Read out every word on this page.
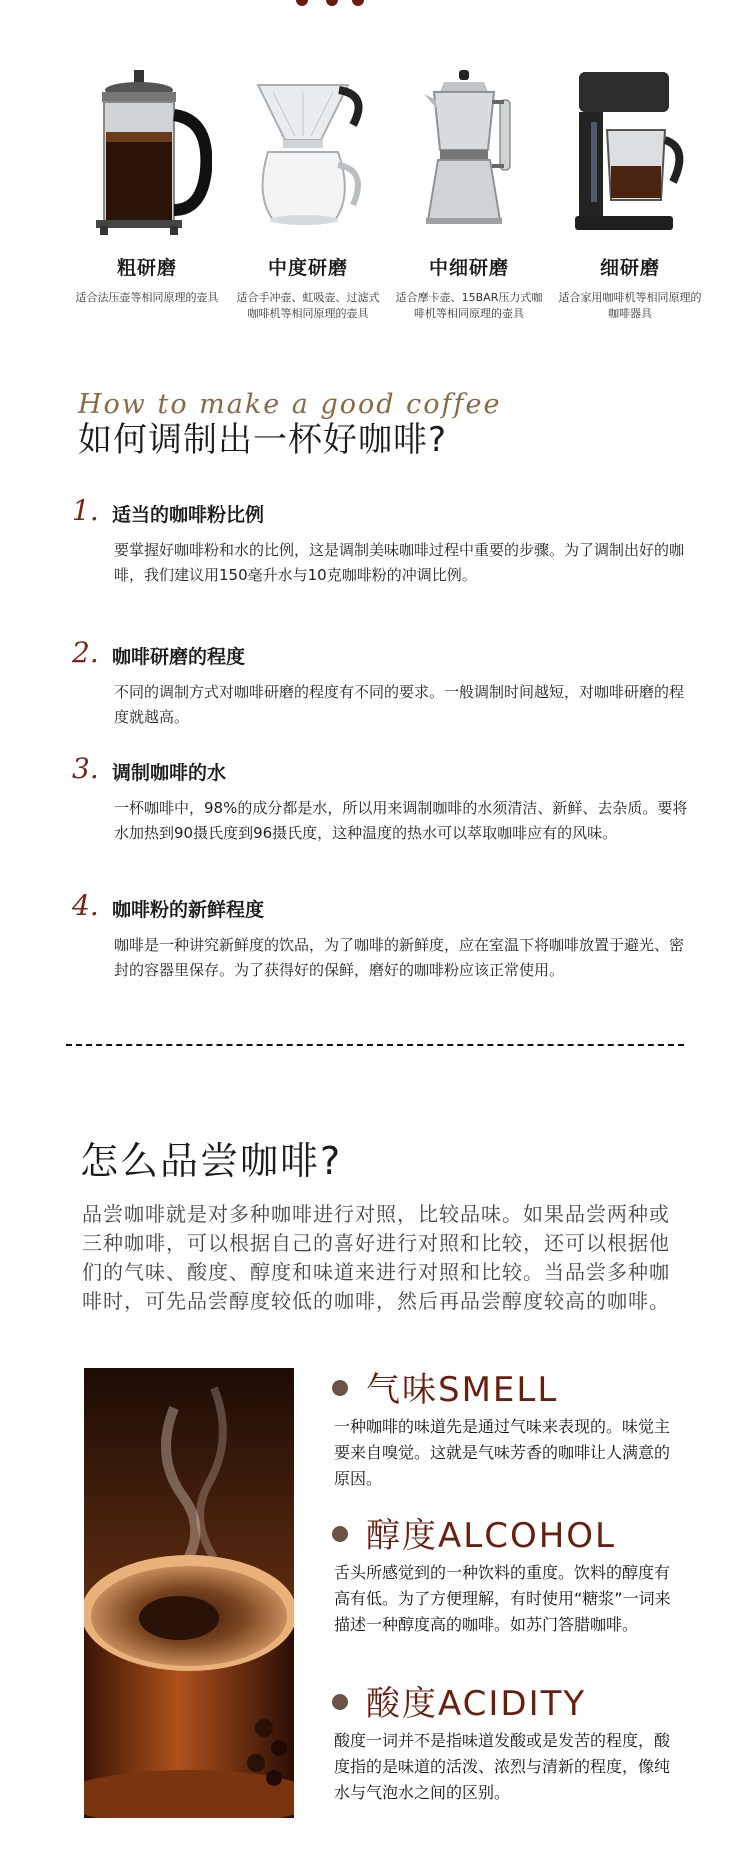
粗研磨
适合法压壶等相同原理的壶具
中度研磨
适合手冲壶、虹吸壶、过滤式咖啡机等相同原理的壶具
中细研磨
适合摩卡壶、15BAR压力式咖啡机等相同原理的壶具
细研磨
适合家用咖啡机等相同原理的咖啡器具
How to make a good coffee
如何调制出一杯好咖啡?
1. 适当的咖啡粉比例
要掌握好咖啡粉和水的比例，这是调制美味咖啡过程中重要的步骤。为了调制出好的咖啡，我们建议用150毫升水与10克咖啡粉的冲调比例。
2. 咖啡研磨的程度
不同的调制方式对咖啡研磨的程度有不同的要求。一般调制时间越短，对咖啡研磨的程度就越高。
3. 调制咖啡的水
一杯咖啡中，98%的成分都是水，所以用来调制咖啡的水须清洁、新鲜、去杂质。要将水加热到90摄氏度到96摄氏度，这种温度的热水可以萃取咖啡应有的风味。
4. 咖啡粉的新鲜程度
咖啡是一种讲究新鲜度的饮品，为了咖啡的新鲜度，应在室温下将咖啡放置于避光、密封的容器里保存。为了获得好的保鲜，磨好的咖啡粉应该正常使用。
怎么品尝咖啡?
品尝咖啡就是对多种咖啡进行对照，比较品味。如果品尝两种或三种咖啡，可以根据自己的喜好进行对照和比较，还可以根据他们的气味、酸度、醇度和味道来进行对照和比较。当品尝多种咖啡时，可先品尝醇度较低的咖啡，然后再品尝醇度较高的咖啡。
气味SMELL
一种咖啡的味道先是通过气味来表现的。味觉主要来自嗅觉。这就是气味芳香的咖啡让人满意的原因。
醇度ALCOHOL
舌头所感觉到的一种饮料的重度。饮料的醇度有高有低。为了方便理解，有时使用“糖浆”一词来描述一种醇度高的咖啡。如苏门答腊咖啡。
酸度ACIDITY
酸度一词并不是指味道发酸或是发苦的程度，酸度指的是味道的活泼、浓烈与清新的程度，像纯水与气泡水之间的区别。
